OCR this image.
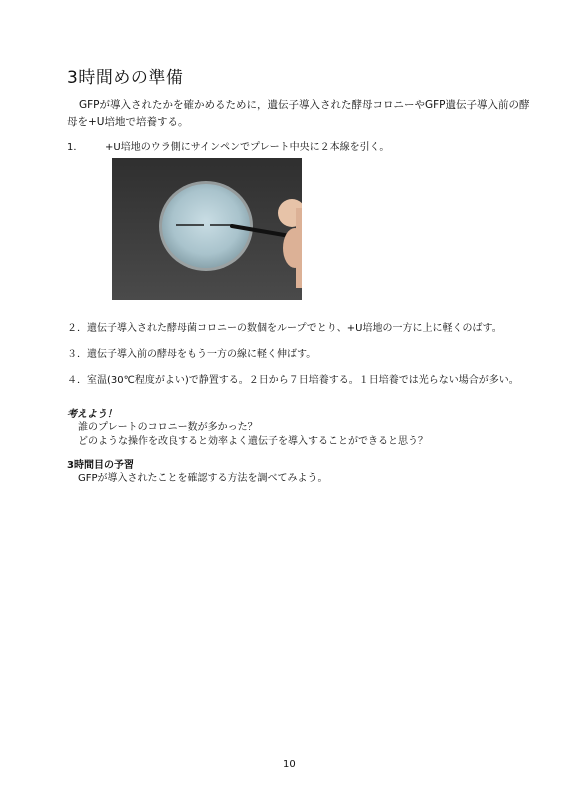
3時間めの準備
GFPが導入されたかを確かめるために，遺伝子導入された酵母コロニーやGFP遺伝子導入前の酵
母を+U培地で培養する。
1． +U培地のウラ側にサインペンでプレート中央に２本線を引く。
２．遺伝子導入された酵母菌コロニーの数個をループでとり、+U培地の一方に上に軽くのばす。
３．遺伝子導入前の酵母をもう一方の線に軽く伸ばす。
４．室温(30℃程度がよい)で静置する。２日から７日培養する。１日培養では光らない場合が多い。
考えよう！
誰のプレートのコロニー数が多かった？
どのような操作を改良すると効率よく遺伝子を導入することができると思う？
3時間目の予習
GFPが導入されたことを確認する方法を調べてみよう。
10
